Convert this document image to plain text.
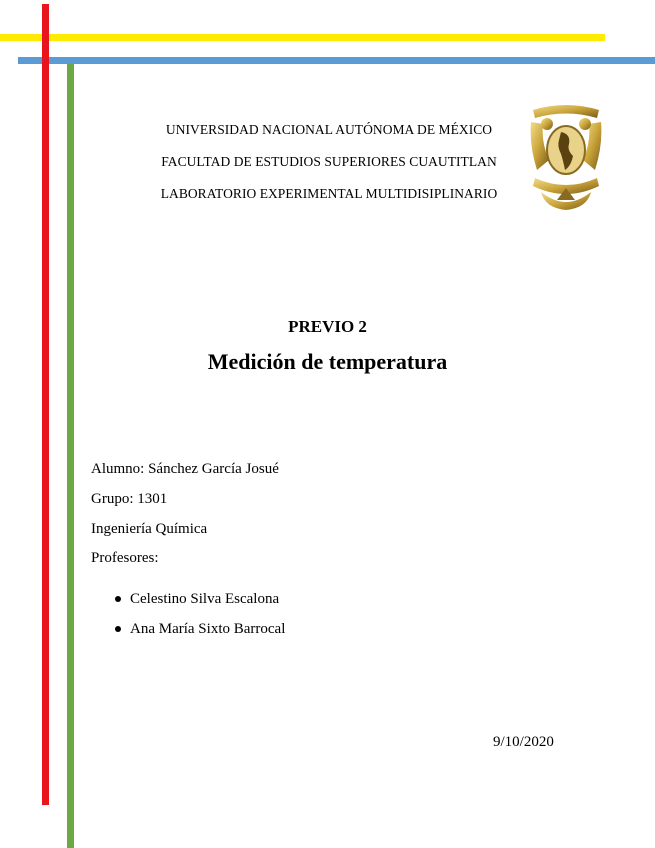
UNIVERSIDAD NACIONAL AUTÓNOMA DE MÉXICO
FACULTAD DE ESTUDIOS SUPERIORES CUAUTITLAN
LABORATORIO EXPERIMENTAL MULTIDISIPLINARIO
PREVIO 2
Medición de temperatura
Alumno: Sánchez García Josué
Grupo: 1301
Ingeniería Química
Profesores:
Celestino Silva Escalona
Ana María Sixto Barrocal
9/10/2020
